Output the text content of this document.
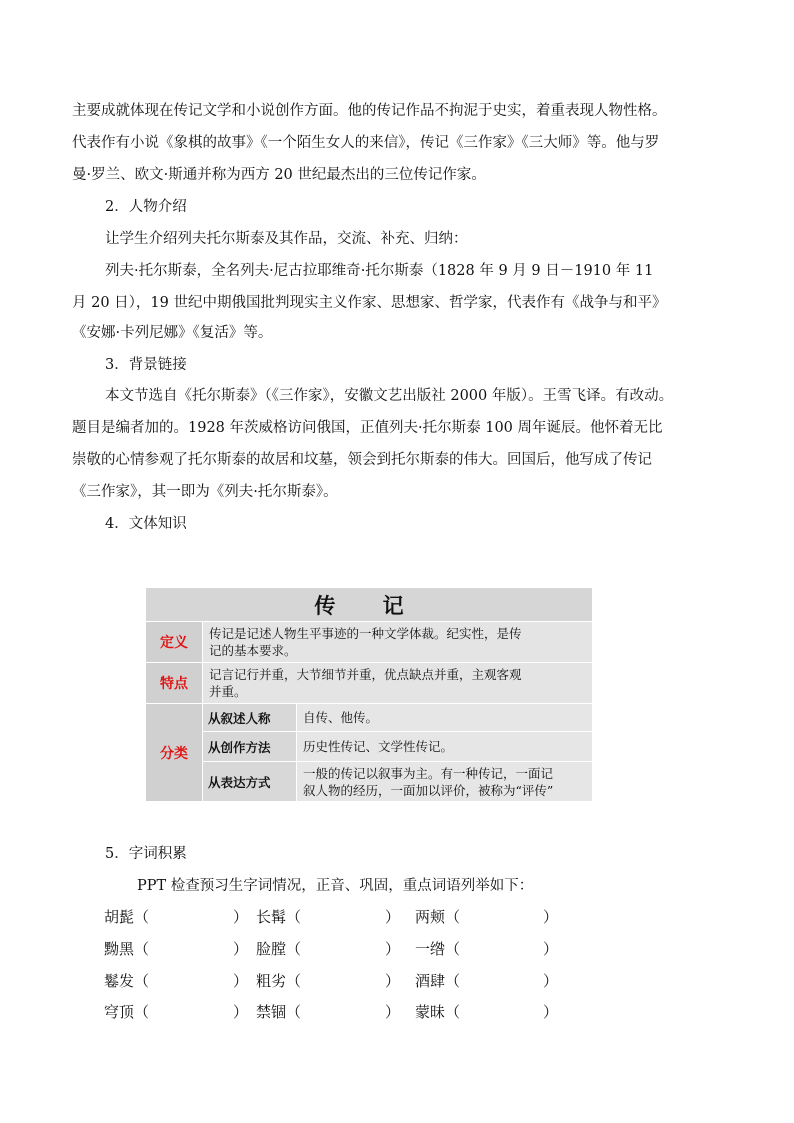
主要成就体现在传记文学和小说创作方面。他的传记作品不拘泥于史实，着重表现人物性格。
代表作有小说《象棋的故事》《一个陌生女人的来信》，传记《三作家》《三大师》等。他与罗
曼·罗兰、欧文·斯通并称为西方 20 世纪最杰出的三位传记作家。
2．人物介绍
让学生介绍列夫托尔斯泰及其作品，交流、补充、归纳：
列夫·托尔斯泰，全名列夫·尼古拉耶维奇·托尔斯泰（1828 年 9 月 9 日－1910 年 11
月 20 日），19 世纪中期俄国批判现实主义作家、思想家、哲学家，代表作有《战争与和平》
《安娜·卡列尼娜》《复活》等。
3．背景链接
本文节选自《托尔斯泰》（《三作家》，安徽文艺出版社 2000 年版）。王雪飞译。有改动。
题目是编者加的。1928 年茨威格访问俄国，正值列夫·托尔斯泰 100 周年诞辰。他怀着无比
崇敬的心情参观了托尔斯泰的故居和坟墓，领会到托尔斯泰的伟大。回国后，他写成了传记
《三作家》，其一即为《列夫·托尔斯泰》。
4．文体知识
传 记		
定义	传记是记述人物生平事迹的一种文学体裁。纪实性，是传
记的基本要求。	

特点	记言记行并重，大节细节并重，优点缺点并重，主观客观
并重。	

分类	从叙述人称	自传、他传。
	从创作方法	历史性传记、文学性传记。
	从表达方式	一般的传记以叙事为主。有一种传记，一面记
叙人物的经历，一面加以评价，被称为“评传”
5．字词积累
PPT 检查预习生字词情况，正音、巩固，重点词语列举如下：
胡髭（	） 长髯（	） 两颊（	）
黝黑（	） 脸膛（	） 一绺（	）
鬈发（	） 粗劣（	） 酒肆（	）
穹顶（	） 禁锢（	） 蒙昧（	）
